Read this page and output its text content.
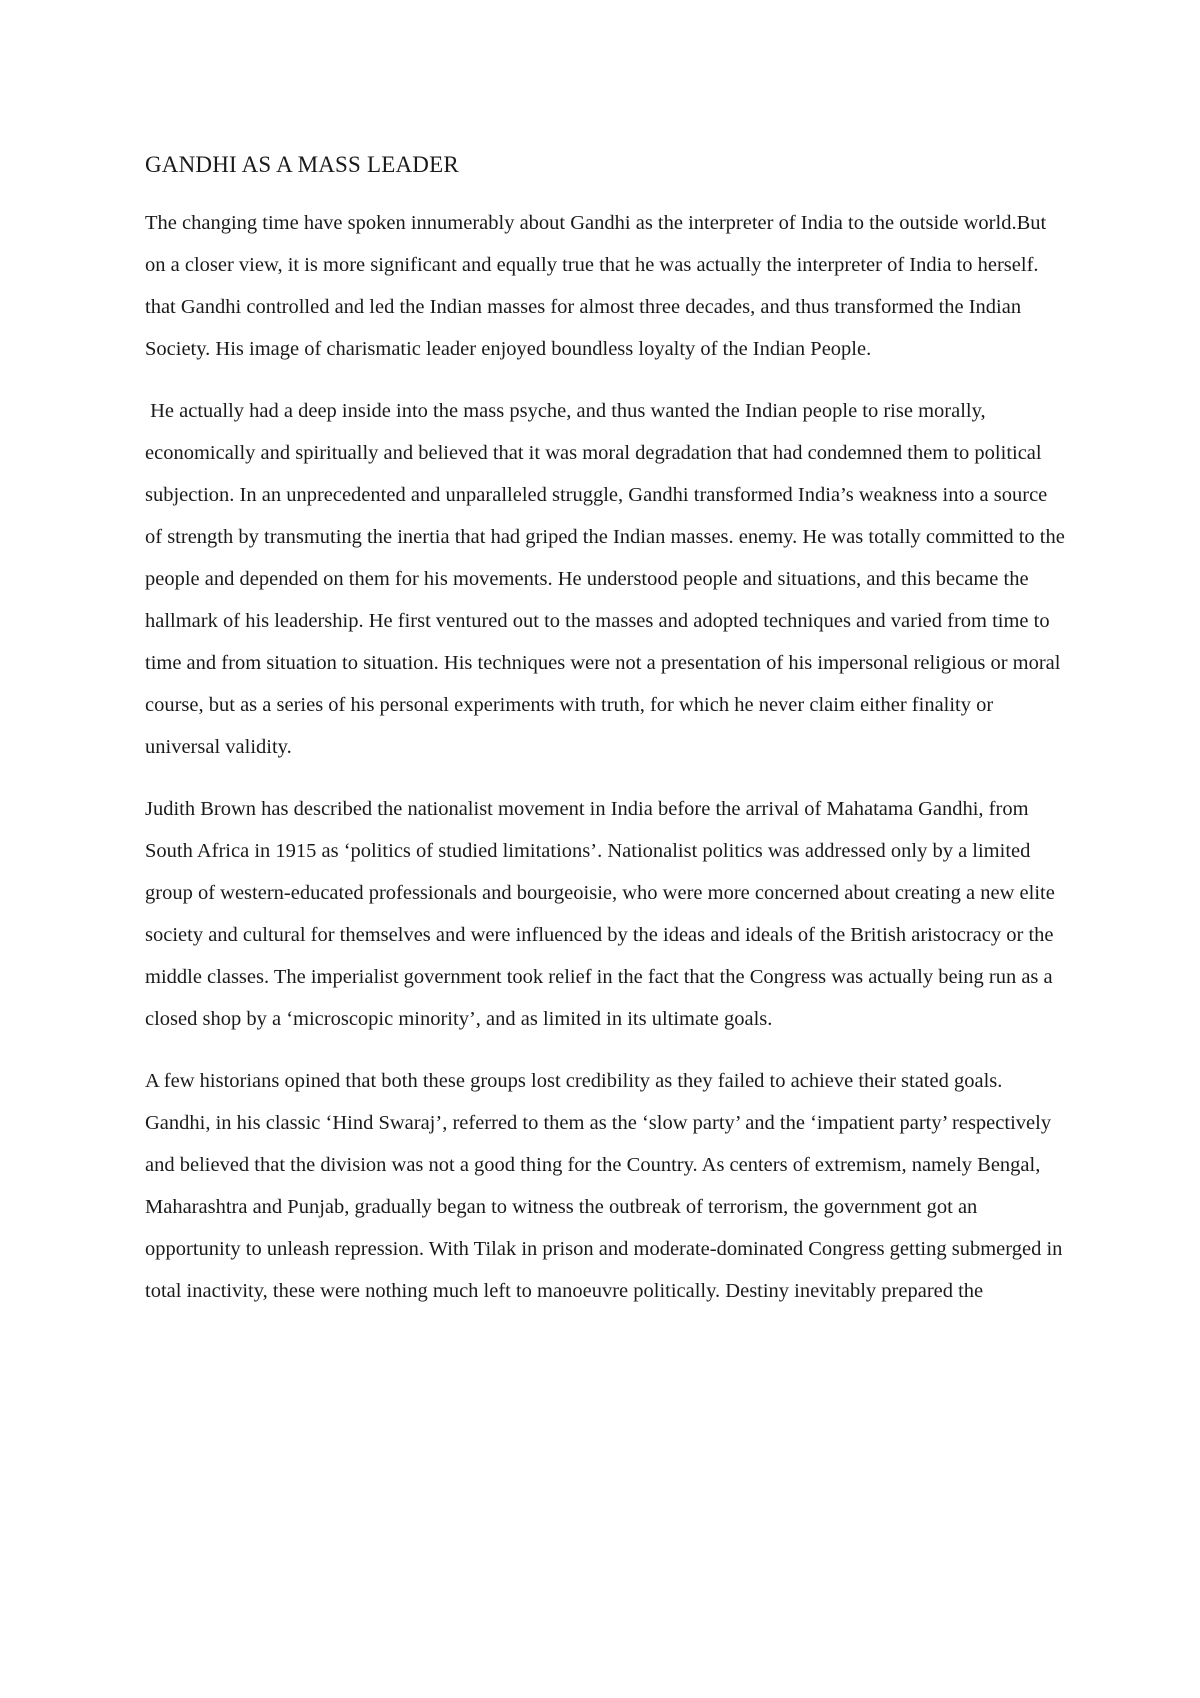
GANDHI AS A MASS LEADER

The changing time have spoken innumerably about Gandhi as the interpreter of India to the outside world.But on a closer view, it is more significant and equally true that he was actually the interpreter of India to herself. that Gandhi controlled and led the Indian masses for almost three decades, and thus transformed the Indian Society. His image of charismatic leader enjoyed boundless loyalty of the Indian People.

He actually had a deep inside into the mass psyche, and thus wanted the Indian people to rise morally, economically and spiritually and believed that it was moral degradation that had condemned them to political subjection. In an unprecedented and unparalleled struggle, Gandhi transformed India’s weakness into a source of strength by transmuting the inertia that had griped the Indian masses. enemy. He was totally committed to the people and depended on them for his movements. He understood people and situations, and this became the hallmark of his leadership. He first ventured out to the masses and adopted techniques and varied from time to time and from situation to situation. His techniques were not a presentation of his impersonal religious or moral course, but as a series of his personal experiments with truth, for which he never claim either finality or universal validity.

Judith Brown has described the nationalist movement in India before the arrival of Mahatama Gandhi, from South Africa in 1915 as ‘politics of studied limitations’. Nationalist politics was addressed only by a limited group of western-educated professionals and bourgeoisie, who were more concerned about creating a new elite society and cultural for themselves and were influenced by the ideas and ideals of the British aristocracy or the middle classes. The imperialist government took relief in the fact that the Congress was actually being run as a closed shop by a ‘microscopic minority’, and as limited in its ultimate goals.

A few historians opined that both these groups lost credibility as they failed to achieve their stated goals. Gandhi, in his classic ‘Hind Swaraj’, referred to them as the ‘slow party’ and the ‘impatient party’ respectively and believed that the division was not a good thing for the Country. As centers of extremism, namely Bengal, Maharashtra and Punjab, gradually began to witness the outbreak of terrorism, the government got an opportunity to unleash repression. With Tilak in prison and moderate-dominated Congress getting submerged in total inactivity, these were nothing much left to manoeuvre politically. Destiny inevitably prepared the
